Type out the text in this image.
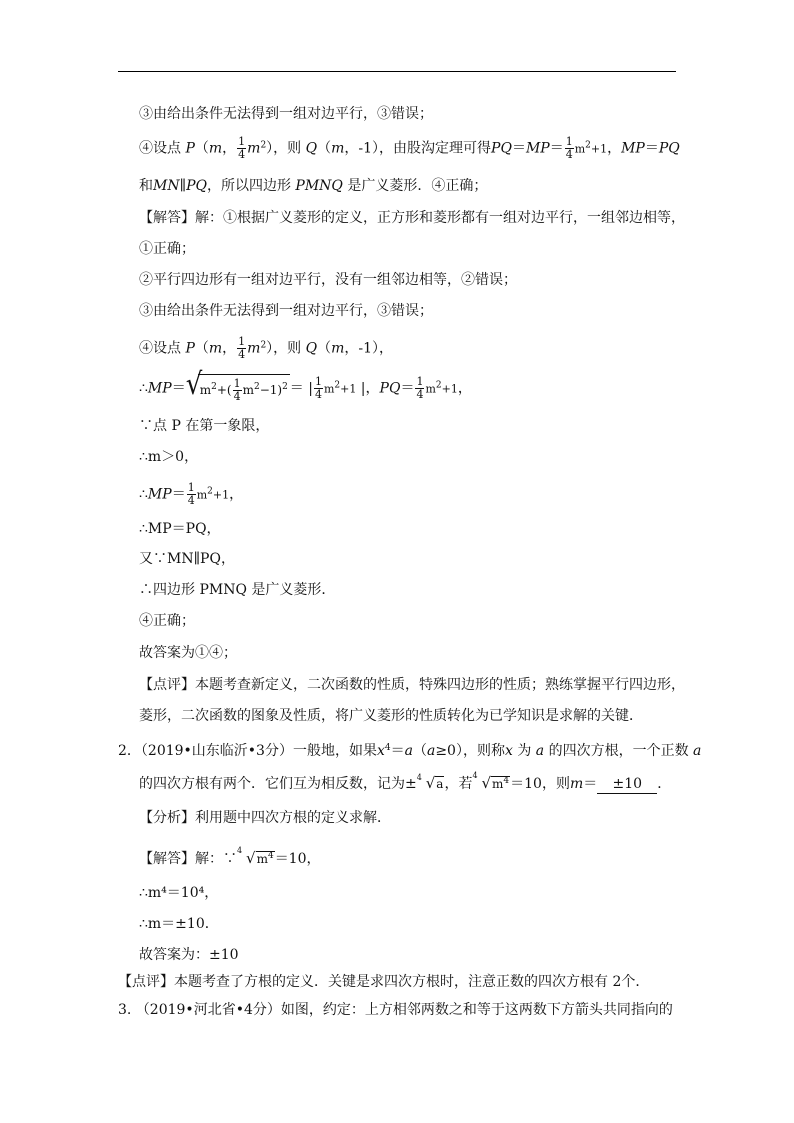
③由给出条件无法得到一组对边平行，③错误；
④设点 P（m， $\frac{1}{4} m^2$），则 Q（m，-1），由股沟定理可得$PQ=MP= \frac{1}{4} m^2+1$，MP＝PQ
和MN∥PQ，所以四边形 PMNQ 是广义菱形．④正确；
【解答】解：①根据广义菱形的定义，正方形和菱形都有一组对边平行，一组邻边相等，
①正确；
②平行四边形有一组对边平行，没有一组邻边相等，②错误；
③由给出条件无法得到一组对边平行，③错误；
④设点 P（m， $\frac{1}{4} m^2$），则 Q（m，-1），
∴MP＝ √
$m^2+( \frac{1}{4} m^2-1)^2$ ＝ | $\frac{1}{4} m^2+1$ |，$PQ= \frac{1}{4} m^2+1$，
∵点 P 在第一象限，
∴m＞0，
∴MP＝ $\frac{1}{4} m^2+1$，
∴MP＝PQ，
又∵MN∥PQ，
∴四边形 PMNQ 是广义菱形．
④正确；
故答案为①④；
【点评】本题考查新定义，二次函数的性质，特殊四边形的性质；熟练掌握平行四边形，
菱形，二次函数的图象及性质，将广义菱形的性质转化为已学知识是求解的关键．
2．（2019•山东临沂•3分）一般地，如果$x^4=a(a\ge 0)$，则称x 为 a 的四次方根，一个正数 a
的四次方根有两个．它们互为相反数，记为± 4 √a，若
4 $√m^4=10$，则m＝ ±10 ．
【分析】利用题中四次方根的定义求解．
【解答】解：∵
4 $√m^4=10$，
∴m⁴＝10⁴，
∴m＝±10．
故答案为：±10
【点评】本题考查了方根的定义．关键是求四次方根时，注意正数的四次方根有 2个．
3. （2019•河北省•4分）如图，约定：上方相邻两数之和等于这两数下方箭头共同指向的
